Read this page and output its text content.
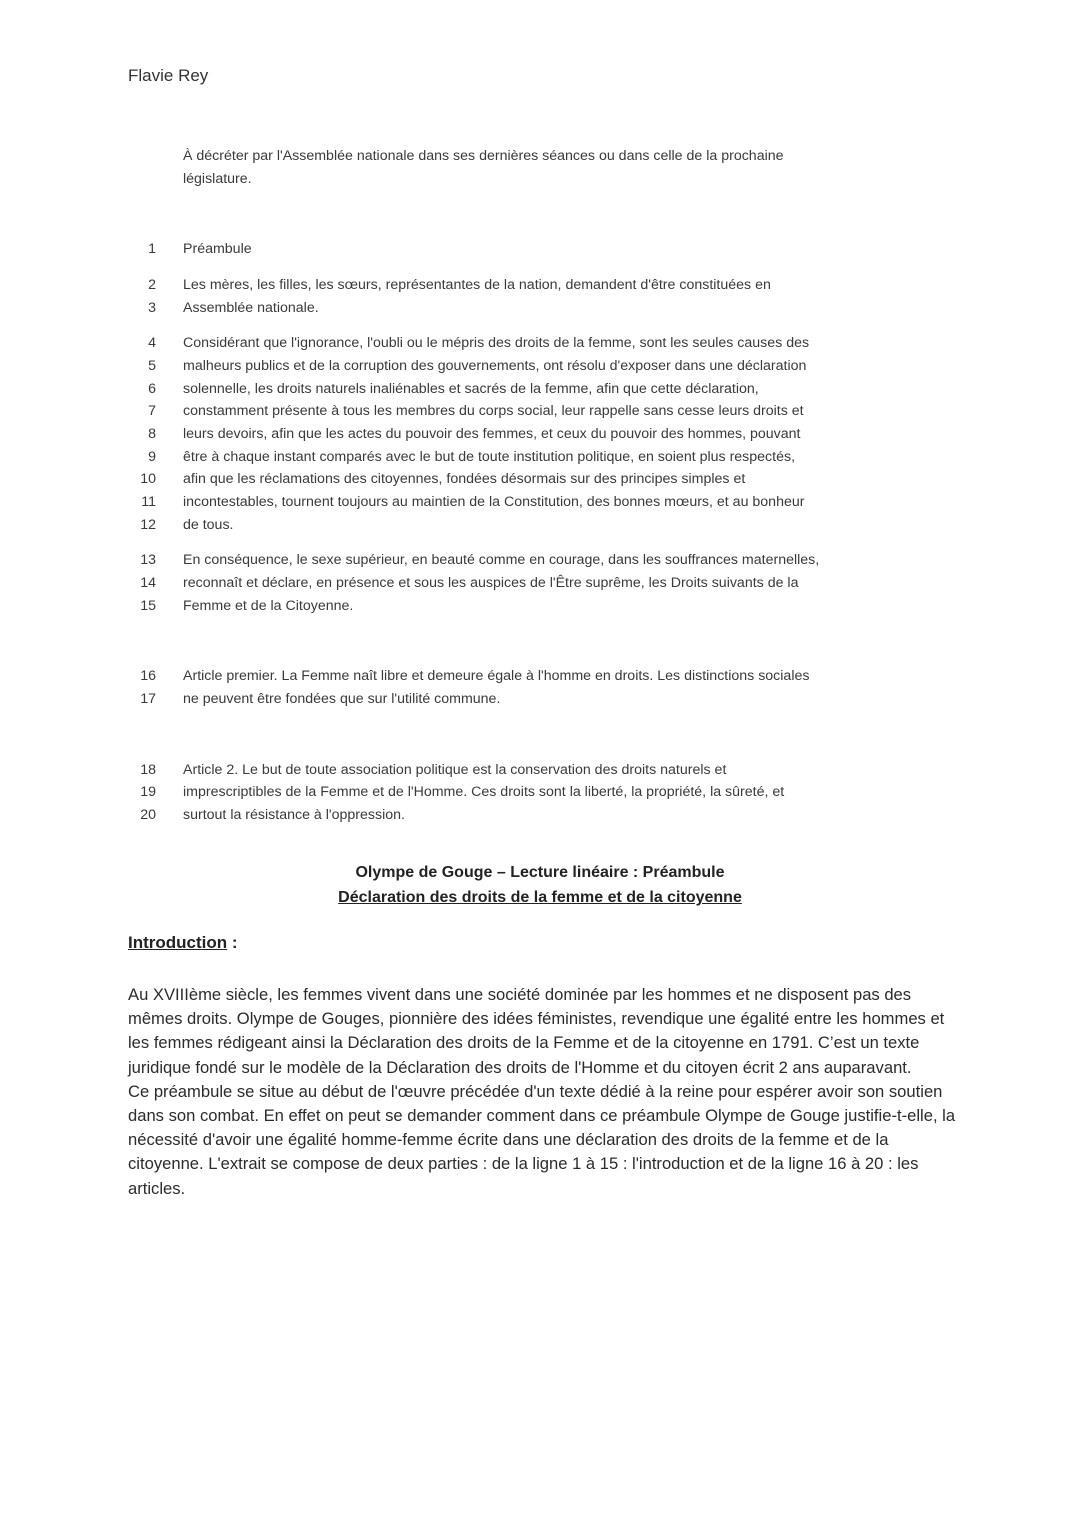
Flavie Rey
À décréter par l'Assemblée nationale dans ses dernières séances ou dans celle de la prochaine
législature.
1 Préambule
2 Les mères, les filles, les sœurs, représentantes de la nation, demandent d'être constituées en
3 Assemblée nationale.
4 Considérant que l'ignorance, l'oubli ou le mépris des droits de la femme, sont les seules causes des
5 malheurs publics et de la corruption des gouvernements, ont résolu d'exposer dans une déclaration
6 solennelle, les droits naturels inaliénables et sacrés de la femme, afin que cette déclaration,
7 constamment présente à tous les membres du corps social, leur rappelle sans cesse leurs droits et
8 leurs devoirs, afin que les actes du pouvoir des femmes, et ceux du pouvoir des hommes, pouvant
9 être à chaque instant comparés avec le but de toute institution politique, en soient plus respectés,
10 afin que les réclamations des citoyennes, fondées désormais sur des principes simples et
11 incontestables, tournent toujours au maintien de la Constitution, des bonnes mœurs, et au bonheur
12 de tous.
13 En conséquence, le sexe supérieur, en beauté comme en courage, dans les souffrances maternelles,
14 reconnaît et déclare, en présence et sous les auspices de l'Être suprême, les Droits suivants de la
15 Femme et de la Citoyenne.
16 Article premier. La Femme naît libre et demeure égale à l'homme en droits. Les distinctions sociales
17 ne peuvent être fondées que sur l'utilité commune.
18 Article 2. Le but de toute association politique est la conservation des droits naturels et
19 imprescriptibles de la Femme et de l'Homme. Ces droits sont la liberté, la propriété, la sûreté, et
20 surtout la résistance à l'oppression.
Olympe de Gouge – Lecture linéaire : Préambule
Déclaration des droits de la femme et de la citoyenne
Introduction :

Au XVIIIème siècle, les femmes vivent dans une société dominée par les hommes et ne disposent pas des mêmes droits. Olympe de Gouges, pionnière des idées féministes, revendique une égalité entre les hommes et les femmes rédigeant ainsi la Déclaration des droits de la Femme et de la citoyenne en 1791. C’est un texte juridique fondé sur le modèle de la Déclaration des droits de l'Homme et du citoyen écrit 2 ans auparavant.

Ce préambule se situe au début de l'œuvre précédée d'un texte dédié à la reine pour espérer avoir son soutien dans son combat. En effet on peut se demander comment dans ce préambule Olympe de Gouge justifie-t-elle, la nécessité d'avoir une égalité homme-femme écrite dans une déclaration des droits de la femme et de la citoyenne. L'extrait se compose de deux parties : de la ligne 1 à 15 : l'introduction et de la ligne 16 à 20 : les articles.
